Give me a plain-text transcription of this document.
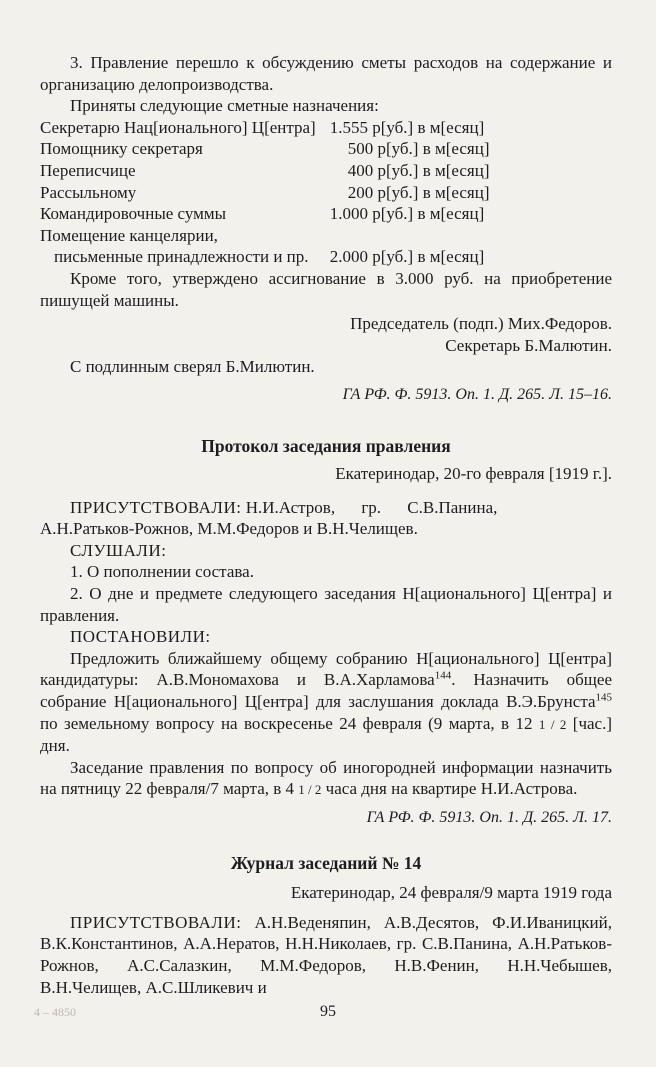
3. Правление перешло к обсуждению сметы расходов на содержание и организацию делопроизводства.

Приняты следующие сметные назначения:

Секретарю Нац[ионального] Ц[ентра]	1.555 р[уб.] в м[есяц]
Помощнику секретаря	500 р[уб.] в м[есяц]
Переписчице	400 р[уб.] в м[есяц]
Рассыльному	200 р[уб.] в м[есяц]
Командировочные суммы	1.000 р[уб.] в м[есяц]
Помещение канцелярии,	
письменные принадлежности и пр.	2.000 р[уб.] в м[есяц]

Кроме того, утверждено ассигнование в 3.000 руб. на приобретение пишущей машины.

Председатель (подп.) Мих.Федоров.

Секретарь Б.Малютин.

С подлинным сверял Б.Милютин.

ГА РФ. Ф. 5913. Оп. 1. Д. 265. Л. 15–16.

Протокол заседания правления

Екатеринодар, 20-го февраля [1919 г.].

ПРИСУТСТВОВАЛИ: Н.И.Астров, гр. С.В.Панина,

А.Н.Ратьков-Рожнов, М.М.Федоров и В.Н.Челищев.

СЛУШАЛИ:

1. О пополнении состава.

2. О дне и предмете следующего заседания Н[ационального] Ц[ентра] и правления.

ПОСТАНОВИЛИ:

Предложить ближайшему общему собранию Н[ационального] Ц[ентра] кандидатуры: А.В.Мономахова и В.А.Харламова$^{144}$. Назначить общее собрание Н[ационального] Ц[ентра] для заслушания доклада В.Э.Брунста$^{145}$ по земельному вопросу на воскресенье 24 февраля (9 марта, в 12 1 / 2 [час.] дня.

Заседание правления по вопросу об иногородней информации назначить на пятницу 22 февраля/7 марта, в 4 1 / 2 часа дня на квартире Н.И.Астрова.

ГА РФ. Ф. 5913. Оп. 1. Д. 265. Л. 17.

Журнал заседаний № 14

Екатеринодар, 24 февраля/9 марта 1919 года

ПРИСУТСТВОВАЛИ: А.Н.Веденяпин, А.В.Десятов, Ф.И.Иваницкий, В.К.Константинов, А.А.Нератов, Н.Н.Николаев, гр. С.В.Панина, А.Н.Ратьков-Рожнов, А.С.Салазкин, М.М.Федоров, Н.В.Фенин, Н.Н.Чебышев, В.Н.Челищев, А.С.Шликевич и

4 – 4850	95
